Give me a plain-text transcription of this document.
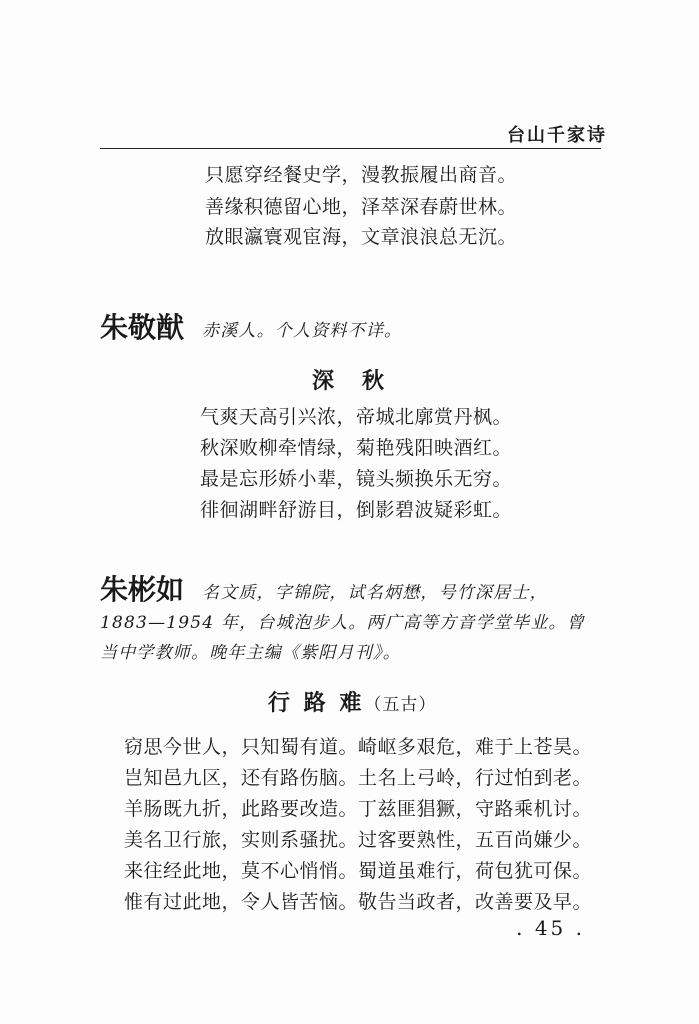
台山千家诗
只愿穿经餐史学，漫教振履出商音。
善缘积德留心地，泽萃深春蔚世林。
放眼瀛寰观宦海，文章浪浪总无沉。
朱敬猷 赤溪人。个人资料不详。
深　秋
气爽天高引兴浓，帝城北廓赏丹枫。
秋深败柳牵情绿，菊艳残阳映酒红。
最是忘形娇小辈，镜头频换乐无穷。
徘徊湖畔舒游目，倒影碧波疑彩虹。
朱彬如 名文质，字锦院，试名炳懋，号竹深居士，
1883—1954 年，台城泡步人。两广高等方音学堂毕业。曾
当中学教师。晚年主编《紫阳月刊》。
行 路 难（五古）
窃思今世人，只知蜀有道。崎岖多艰危，难于上苍昊。
岂知邑九区，还有路伤脑。土名上弓岭，行过怕到老。
羊肠既九折，此路要改造。丁兹匪猖獗，守路乘机讨。
美名卫行旅，实则系骚扰。过客要熟性，五百尚嫌少。
来往经此地，莫不心悄悄。蜀道虽难行，荷包犹可保。
惟有过此地，令人皆苦恼。敬告当政者，改善要及早。
. 45 .
